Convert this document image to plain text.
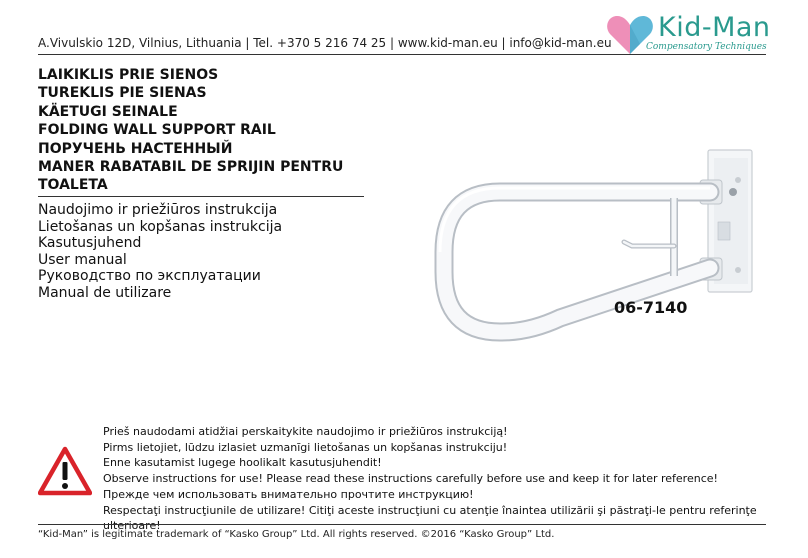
A.Vivulskio 12D, Vilnius, Lithuania | Tel. +370 5 216 74 25 | www.kid-man.eu | info@kid-man.eu Kid-Man
Compensatory Techniques
LAIKIKLIS PRIE SIENOS
TUREKLIS PIE SIENAS
KÄETUGI SEINALE
FOLDING WALL SUPPORT RAIL
ПОРУЧЕНЬ НАСТЕННЫЙ
MANER RABATABIL DE SPRIJIN PENTRU
TOALETA
Naudojimo ir priežiūros instrukcija
Lietošanas un kopšanas instrukcija
Kasutusjuhend
User manual
Руководство по эксплуатации
Manual de utilizare
06-7140
Prieš naudodami atidžiai perskaitykite naudojimo ir priežiūros instrukciją!
Pirms lietojiet, lūdzu izlasiet uzmanīgi lietošanas un kopšanas instrukciju!
Enne kasutamist lugege hoolikalt kasutusjuhendit!
Observe instructions for use! Please read these instructions carefully before use and keep it for later reference!
Прежде чем использовать внимательно прочтите инструкцию!
Respectaţi instrucţiunile de utilizare! Citiţi aceste instrucţiuni cu atenţie înaintea utilizării şi păstraţi-le pentru referinţe
ulterioare!
“Kid-Man” is legitimate trademark of “Kasko Group” Ltd. All rights reserved. ©2016 “Kasko Group” Ltd.
